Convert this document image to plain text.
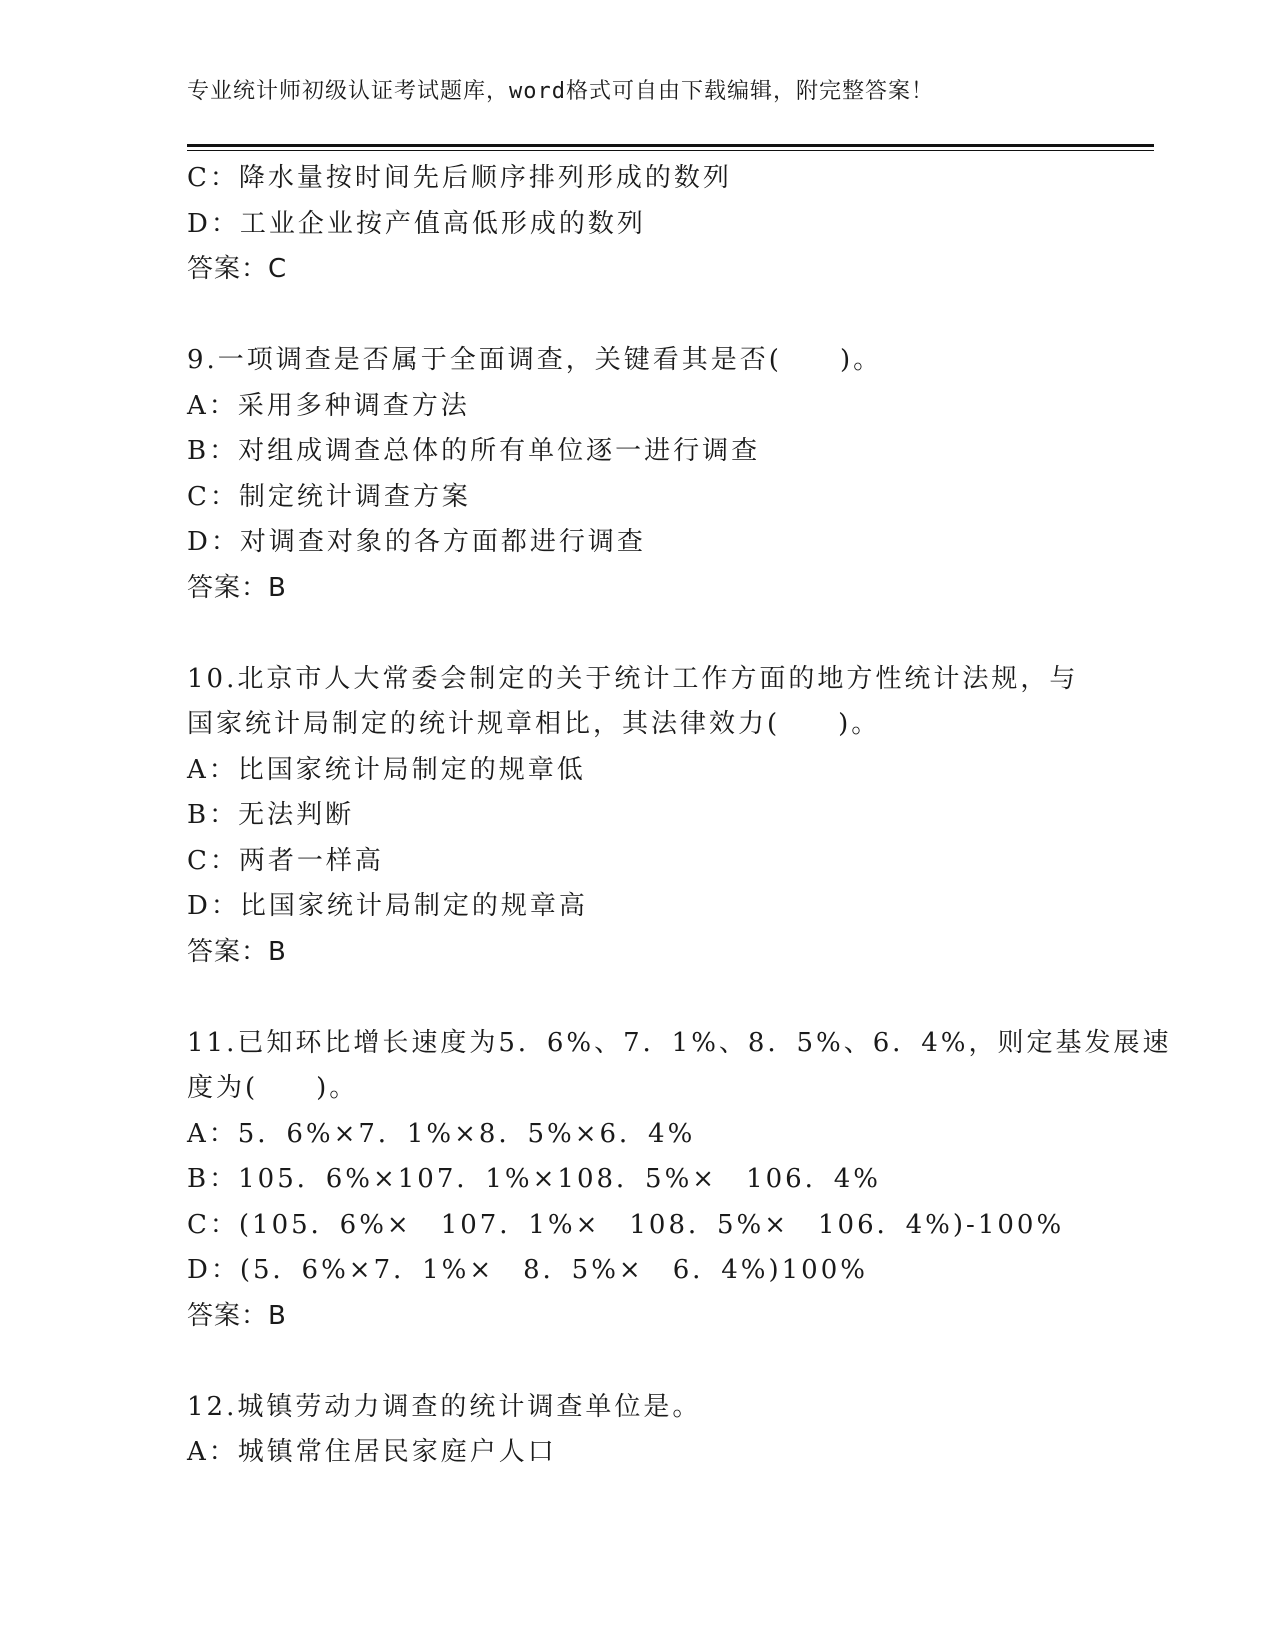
专业统计师初级认证考试题库，word格式可自由下载编辑，附完整答案！
C：降水量按时间先后顺序排列形成的数列
D：工业企业按产值高低形成的数列
答案：C
9.一项调查是否属于全面调查，关键看其是否(　　)。
A：采用多种调查方法
B：对组成调查总体的所有单位逐一进行调查
C：制定统计调查方案
D：对调查对象的各方面都进行调查
答案：B
10.北京市人大常委会制定的关于统计工作方面的地方性统计法规，与
国家统计局制定的统计规章相比，其法律效力(　　)。
A：比国家统计局制定的规章低
B：无法判断
C：两者一样高
D：比国家统计局制定的规章高
答案：B
11.已知环比增长速度为5．6%、7．1%、8．5%、6．4%，则定基发展速
度为(　　)。
A：5．6%×7．1%×8．5%×6．4%
B：105．6%×107．1%×108．5%×　106．4%
C：(105．6%×　107．1%×　108．5%×　106．4%)-100%
D：(5．6%×7．1%×　8．5%×　6．4%)100%
答案：B
12.城镇劳动力调查的统计调查单位是。
A：城镇常住居民家庭户人口
